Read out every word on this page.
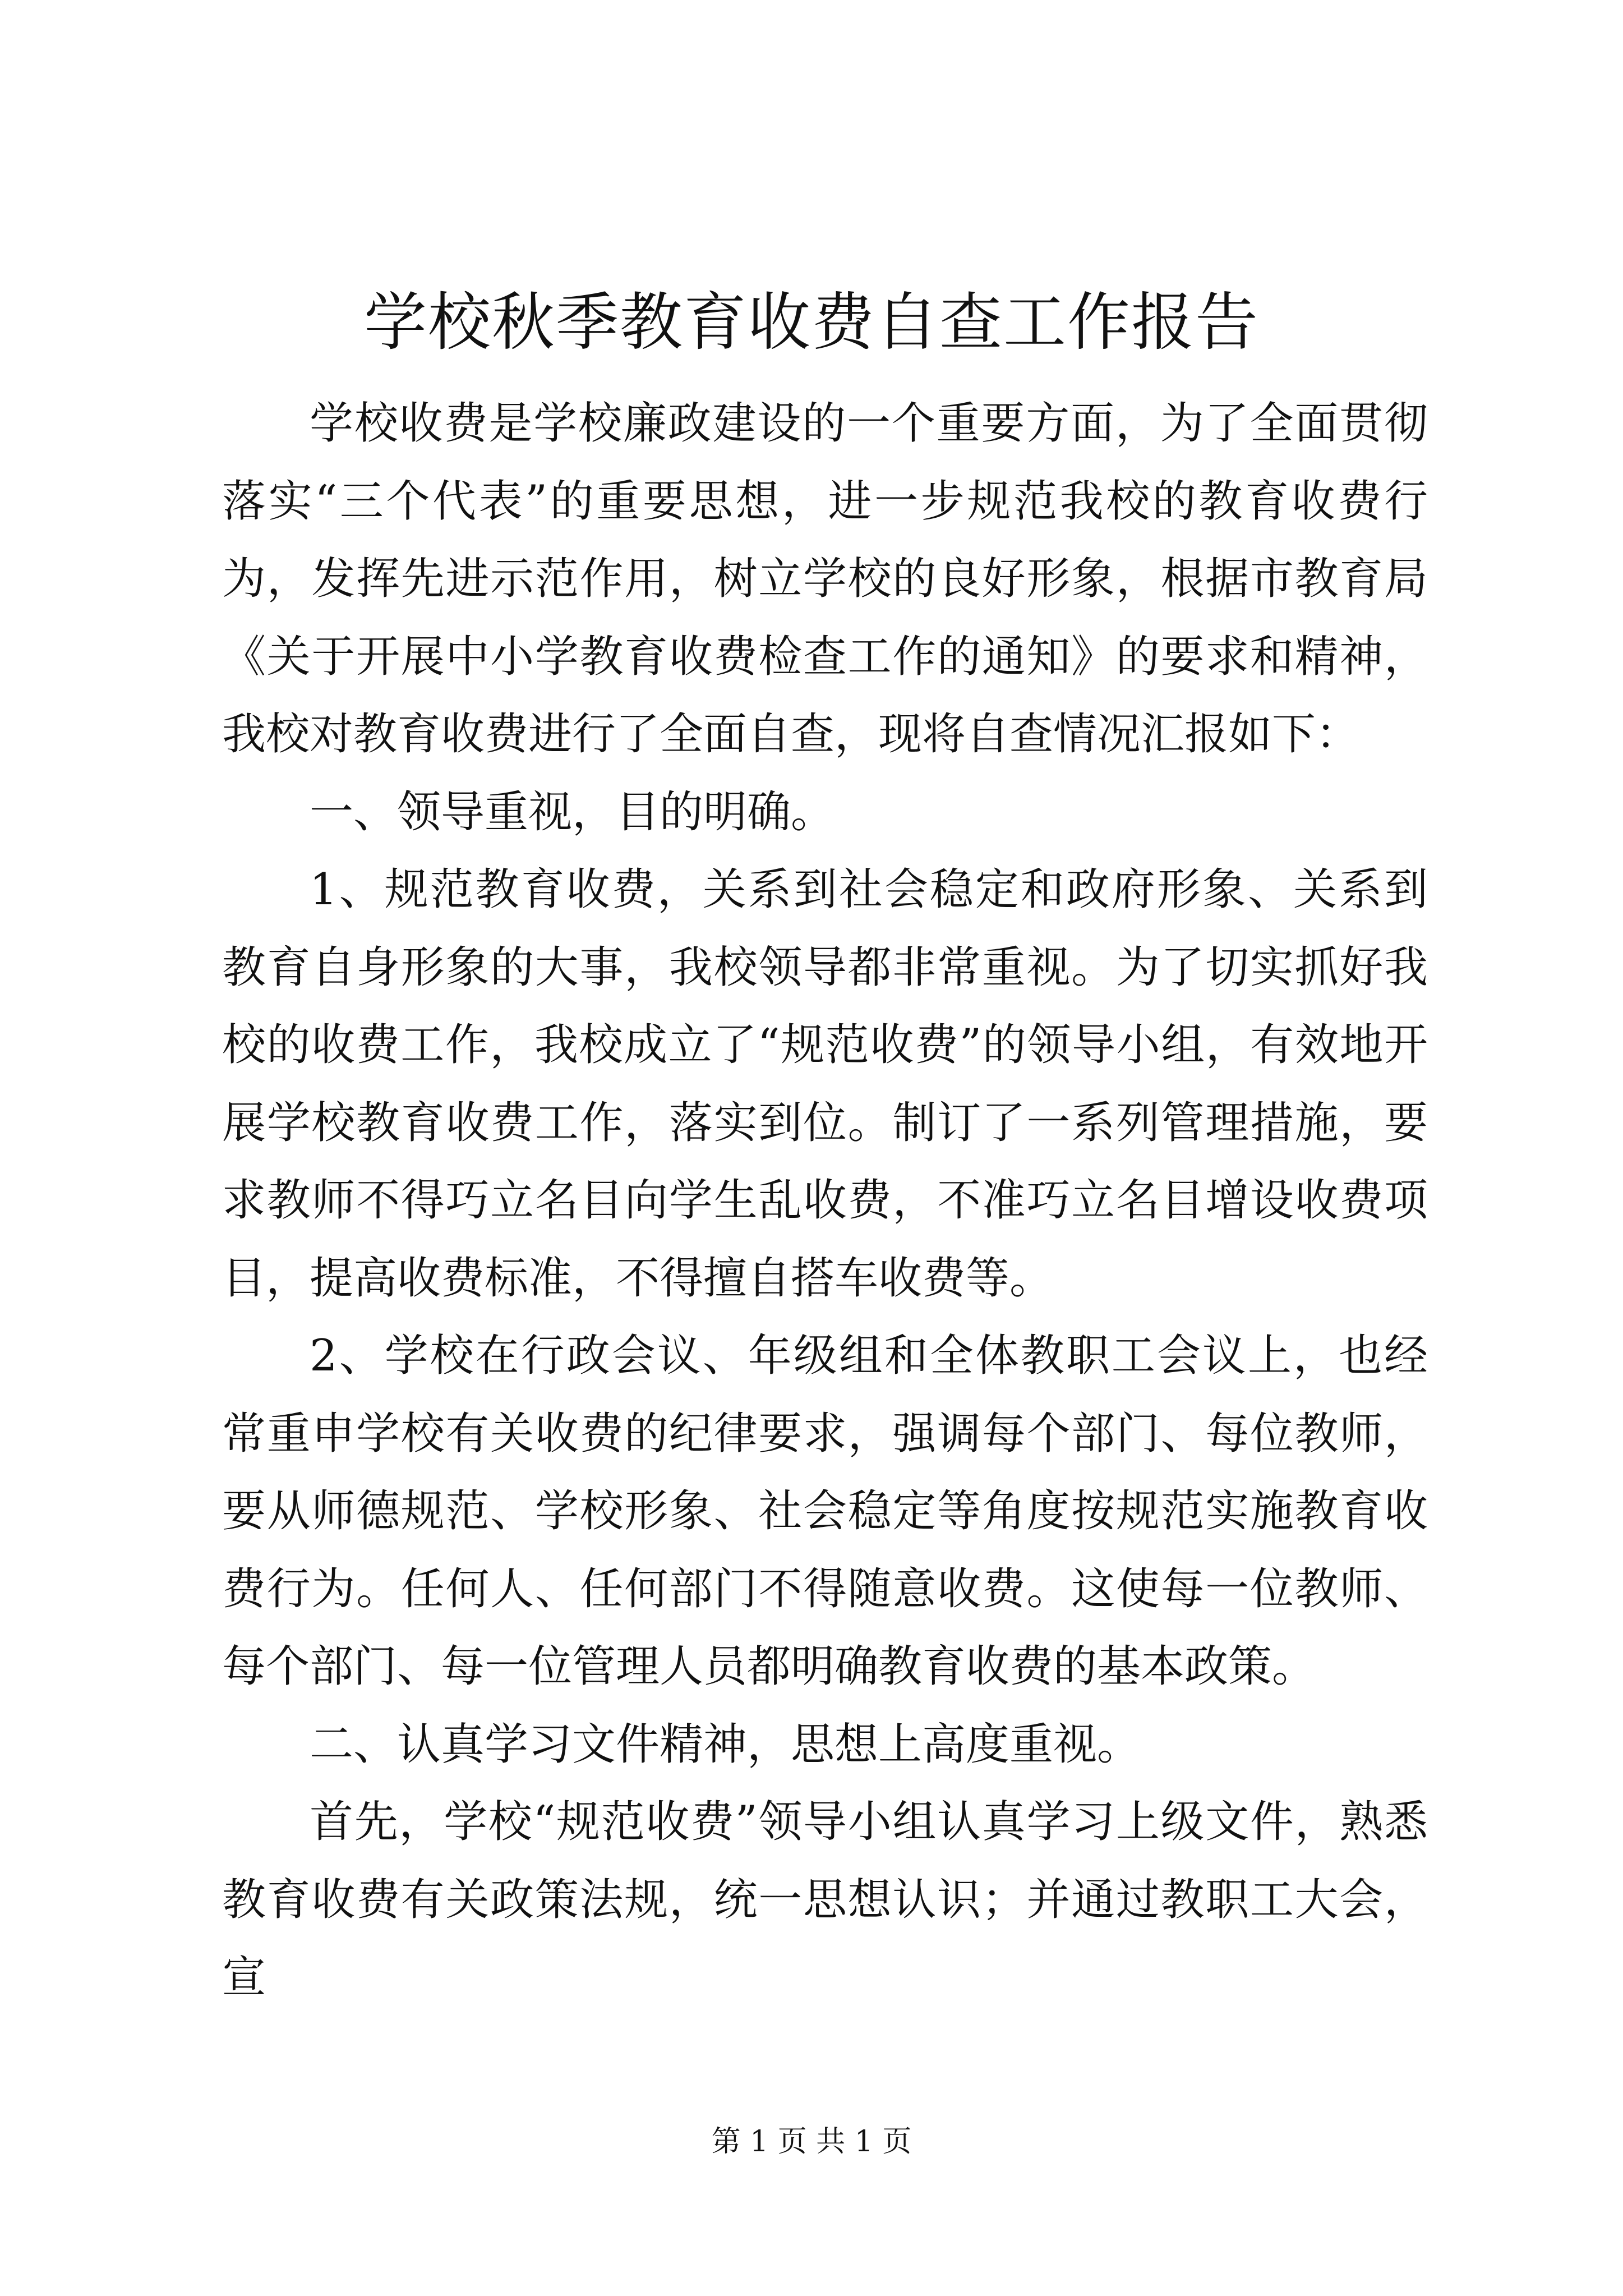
学校秋季教育收费自查工作报告

学校收费是学校廉政建设的一个重要方面，为了全面贯彻落实“三个代表”的重要思想，进一步规范我校的教育收费行为，发挥先进示范作用，树立学校的良好形象，根据市教育局《关于开展中小学教育收费检查工作的通知》的要求和精神，我校对教育收费进行了全面自查，现将自查情况汇报如下：

一、领导重视，目的明确。

1、规范教育收费，关系到社会稳定和政府形象、关系到教育自身形象的大事，我校领导都非常重视。为了切实抓好我校的收费工作，我校成立了“规范收费”的领导小组，有效地开展学校教育收费工作，落实到位。制订了一系列管理措施，要求教师不得巧立名目向学生乱收费，不准巧立名目增设收费项目，提高收费标准，不得擅自搭车收费等。

2、学校在行政会议、年级组和全体教职工会议上，也经常重申学校有关收费的纪律要求，强调每个部门、每位教师，要从师德规范、学校形象、社会稳定等角度按规范实施教育收费行为。任何人、任何部门不得随意收费。这使每一位教师、每个部门、每一位管理人员都明确教育收费的基本政策。

二、认真学习文件精神，思想上高度重视。

首先，学校“规范收费”领导小组认真学习上级文件，熟悉教育收费有关政策法规，统一思想认识；并通过教职工大会，宣

第 1 页 共 1 页
